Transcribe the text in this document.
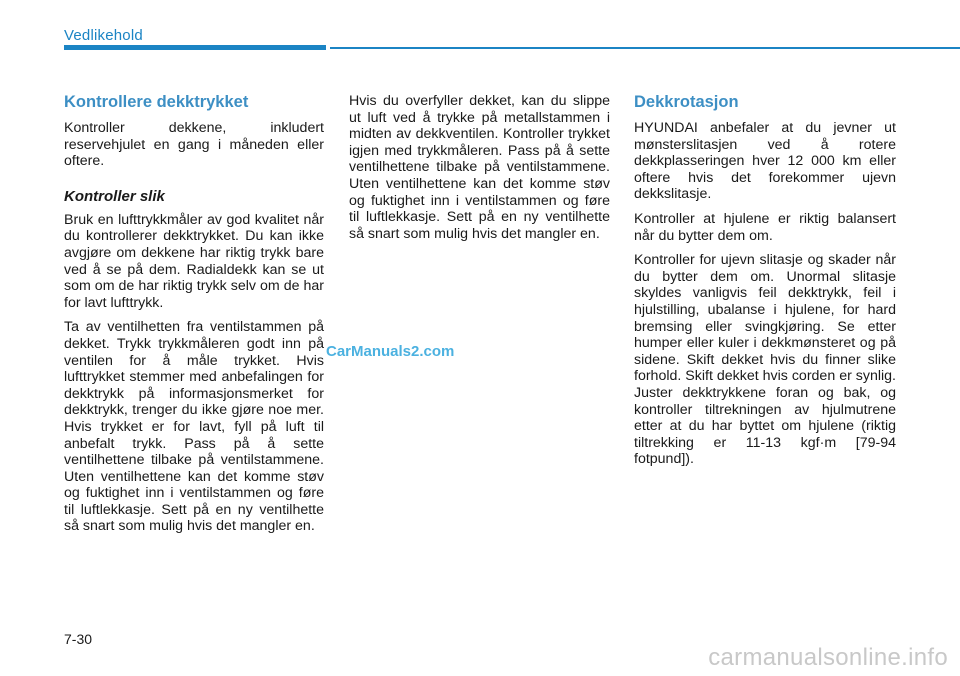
Vedlikehold
Kontrollere dekktrykket

Kontroller dekkene, inkludert reservehjulet en gang i måneden eller oftere.

Kontroller slik

Bruk en lufttrykkmåler av god kvalitet når du kontrollerer dekktrykket. Du kan ikke avgjøre om dekkene har riktig trykk bare ved å se på dem. Radialdekk kan se ut som om de har riktig trykk selv om de har for lavt lufttrykk.

Ta av ventilhetten fra ventilstammen på dekket. Trykk trykkmåleren godt inn på ventilen for å måle trykket. Hvis lufttrykket stemmer med anbefalingen for dekktrykk på informasjonsmerket for dekktrykk, trenger du ikke gjøre noe mer. Hvis trykket er for lavt, fyll på luft til anbefalt trykk. Pass på å sette ventilhettene tilbake på ventilstammene. Uten ventilhettene kan det komme støv og fuktighet inn i ventilstammen og føre til luftlekkasje. Sett på en ny ventilhette så snart som mulig hvis det mangler en.

Hvis du overfyller dekket, kan du slippe ut luft ved å trykke på metallstammen i midten av dekkventilen. Kontroller trykket igjen med trykkmåleren. Pass på å sette ventilhettene tilbake på ventilstammene. Uten ventilhettene kan det komme støv og fuktighet inn i ventilstammen og føre til luftlekkasje. Sett på en ny ventilhette så snart som mulig hvis det mangler en.

Dekkrotasjon

HYUNDAI anbefaler at du jevner ut mønsterslitasjen ved å rotere dekkplasseringen hver 12 000 km eller oftere hvis det forekommer ujevn dekkslitasje.

Kontroller at hjulene er riktig balansert når du bytter dem om.

Kontroller for ujevn slitasje og skader når du bytter dem om. Unormal slitasje skyldes vanligvis feil dekktrykk, feil i hjulstilling, ubalanse i hjulene, for hard bremsing eller svingkjøring. Se etter humper eller kuler i dekkmønsteret og på sidene. Skift dekket hvis du finner slike forhold. Skift dekket hvis corden er synlig. Juster dekktrykkene foran og bak, og kontroller tiltrekningen av hjulmutrene etter at du har byttet om hjulene (riktig tiltrekking er 11-13 kgf·m [79-94 fotpund]).

CarManuals2.com
7-30
carmanualsonline.info
